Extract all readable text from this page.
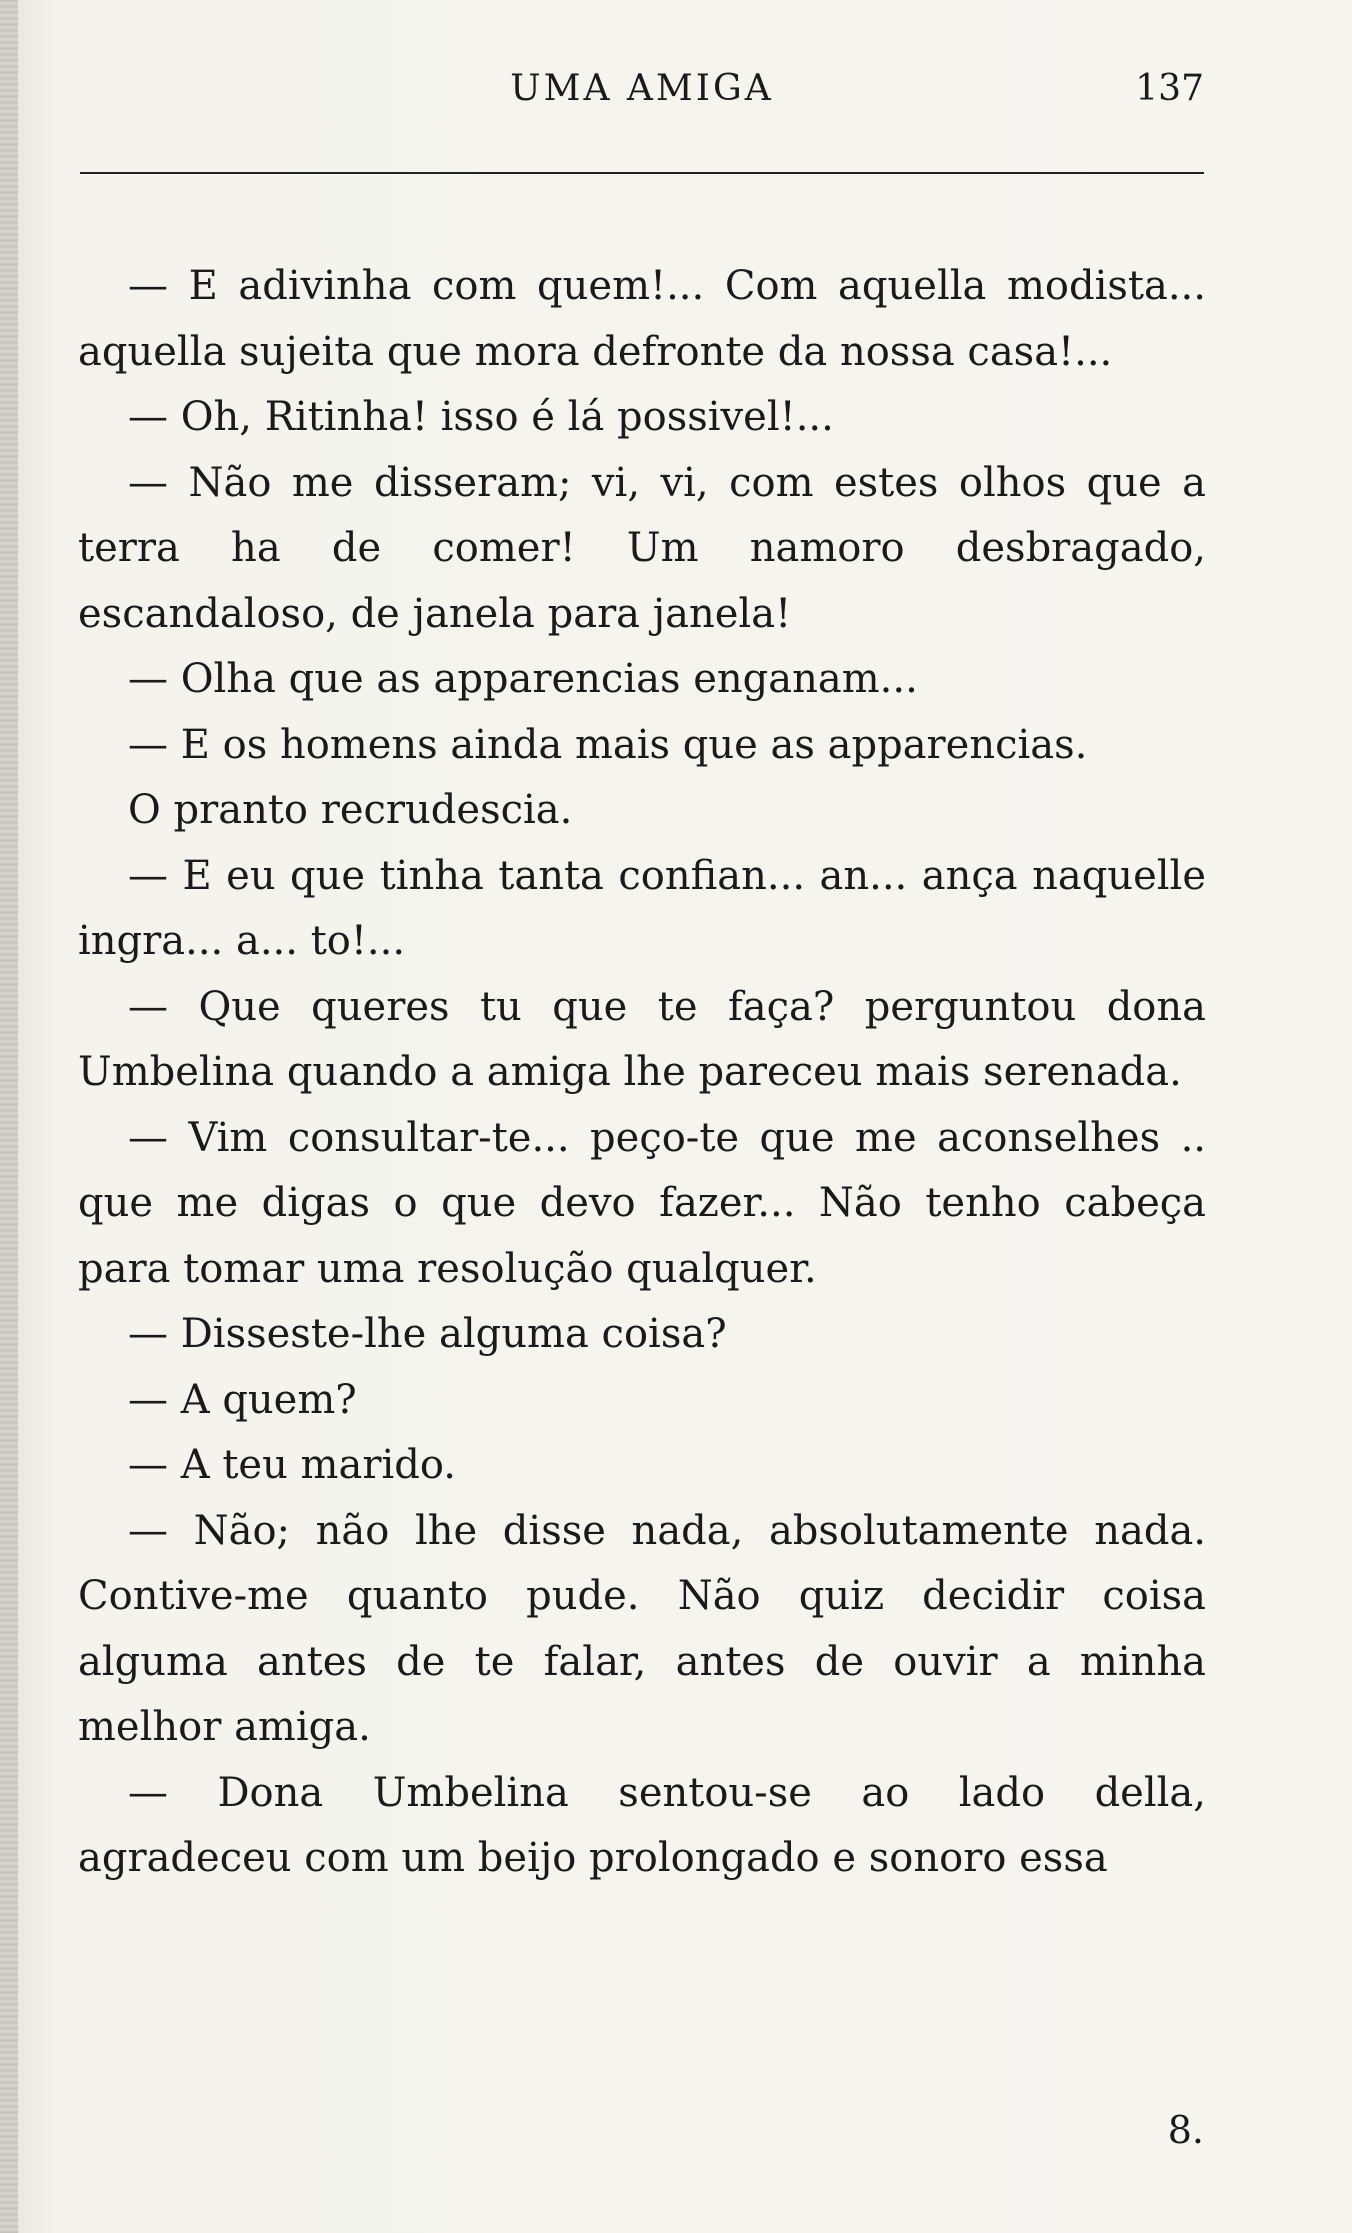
UMA AMIGA	137

— E adivinha com quem!... Com aquella modista... aquella sujeita que mora defronte da nossa casa!...

— Oh, Ritinha! isso é lá possivel!...

— Não me disseram; vi, vi, com estes olhos que a terra ha de comer! Um namoro desbragado, escandaloso, de janela para janela!

— Olha que as apparencias enganam...

— E os homens ainda mais que as apparencias.

O pranto recrudescia.

— E eu que tinha tanta confian... an... ança naquelle ingra... a... to!...

— Que queres tu que te faça? perguntou dona Umbelina quando a amiga lhe pareceu mais serenada.

— Vim consultar-te... peço-te que me aconselhes .. que me digas o que devo fazer... Não tenho cabeça para tomar uma resolução qualquer.

— Disseste-lhe alguma coisa?

— A quem?

— A teu marido.

— Não; não lhe disse nada, absolutamente nada. Contive-me quanto pude. Não quiz decidir coisa alguma antes de te falar, antes de ouvir a minha melhor amiga.

— Dona Umbelina sentou-se ao lado della, agradeceu com um beijo prolongado e sonoro essa

8.
